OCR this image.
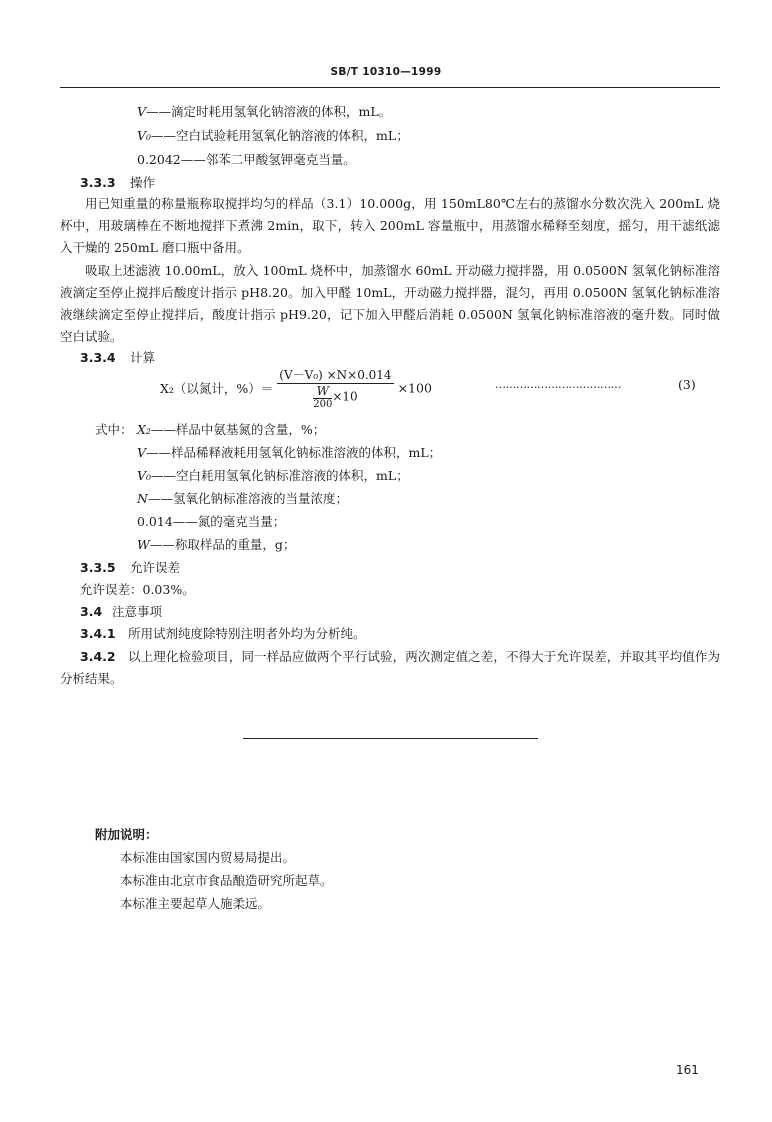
SB/T 10310—1999
V——滴定时耗用氢氧化钠溶液的体积，mL。
V₀——空白试验耗用氢氧化钠溶液的体积，mL；
0.2042——邻苯二甲酸氢钾毫克当量。
3.3.3 操作
用已知重量的称量瓶称取搅拌均匀的样品（3.1）10.000g，用 150mL80℃左右的蒸馏水分数次洗入 200mL 烧杯中，用玻璃棒在不断地搅拌下煮沸 2min，取下，转入 200mL 容量瓶中，用蒸馏水稀释至刻度，摇匀，用干滤纸滤入干燥的 250mL 磨口瓶中备用。
吸取上述滤液 10.00mL，放入 100mL 烧杯中，加蒸馏水 60mL 开动磁力搅拌器，用 0.0500N 氢氧化钠标准溶液滴定至停止搅拌后酸度计指示 pH8.20。加入甲醛 10mL，开动磁力搅拌器，混匀，再用 0.0500N 氢氧化钠标准溶液继续滴定至停止搅拌后，酸度计指示 pH9.20，记下加入甲醛后消耗 0.0500N 氢氧化钠标准溶液的毫升数。同时做空白试验。
3.3.4 计算
X₂（以氮计，%）＝ $\frac{\text{(V－V₀) ×N×0.014}}{\frac{W}{200} \times 10} \times 100$	………………………………	(3)
式中： X₂——样品中氨基氮的含量，%；
V——样品稀释液耗用氢氧化钠标准溶液的体积，mL；
V₀——空白耗用氢氧化钠标准溶液的体积，mL；
N——氢氧化钠标准溶液的当量浓度；
0.014——氮的毫克当量；
W——称取样品的重量，g；
3.3.5 允许误差
允许误差：0.03%。
3.4 注意事项
3.4.1 所用试剂纯度除特别注明者外均为分析纯。
3.4.2 以上理化检验项目，同一样品应做两个平行试验，两次测定值之差，不得大于允许误差，并取其平均值作为分析结果。
附加说明：
本标准由国家国内贸易局提出。
本标准由北京市食品酿造研究所起草。
本标准主要起草人施柔远。
161
